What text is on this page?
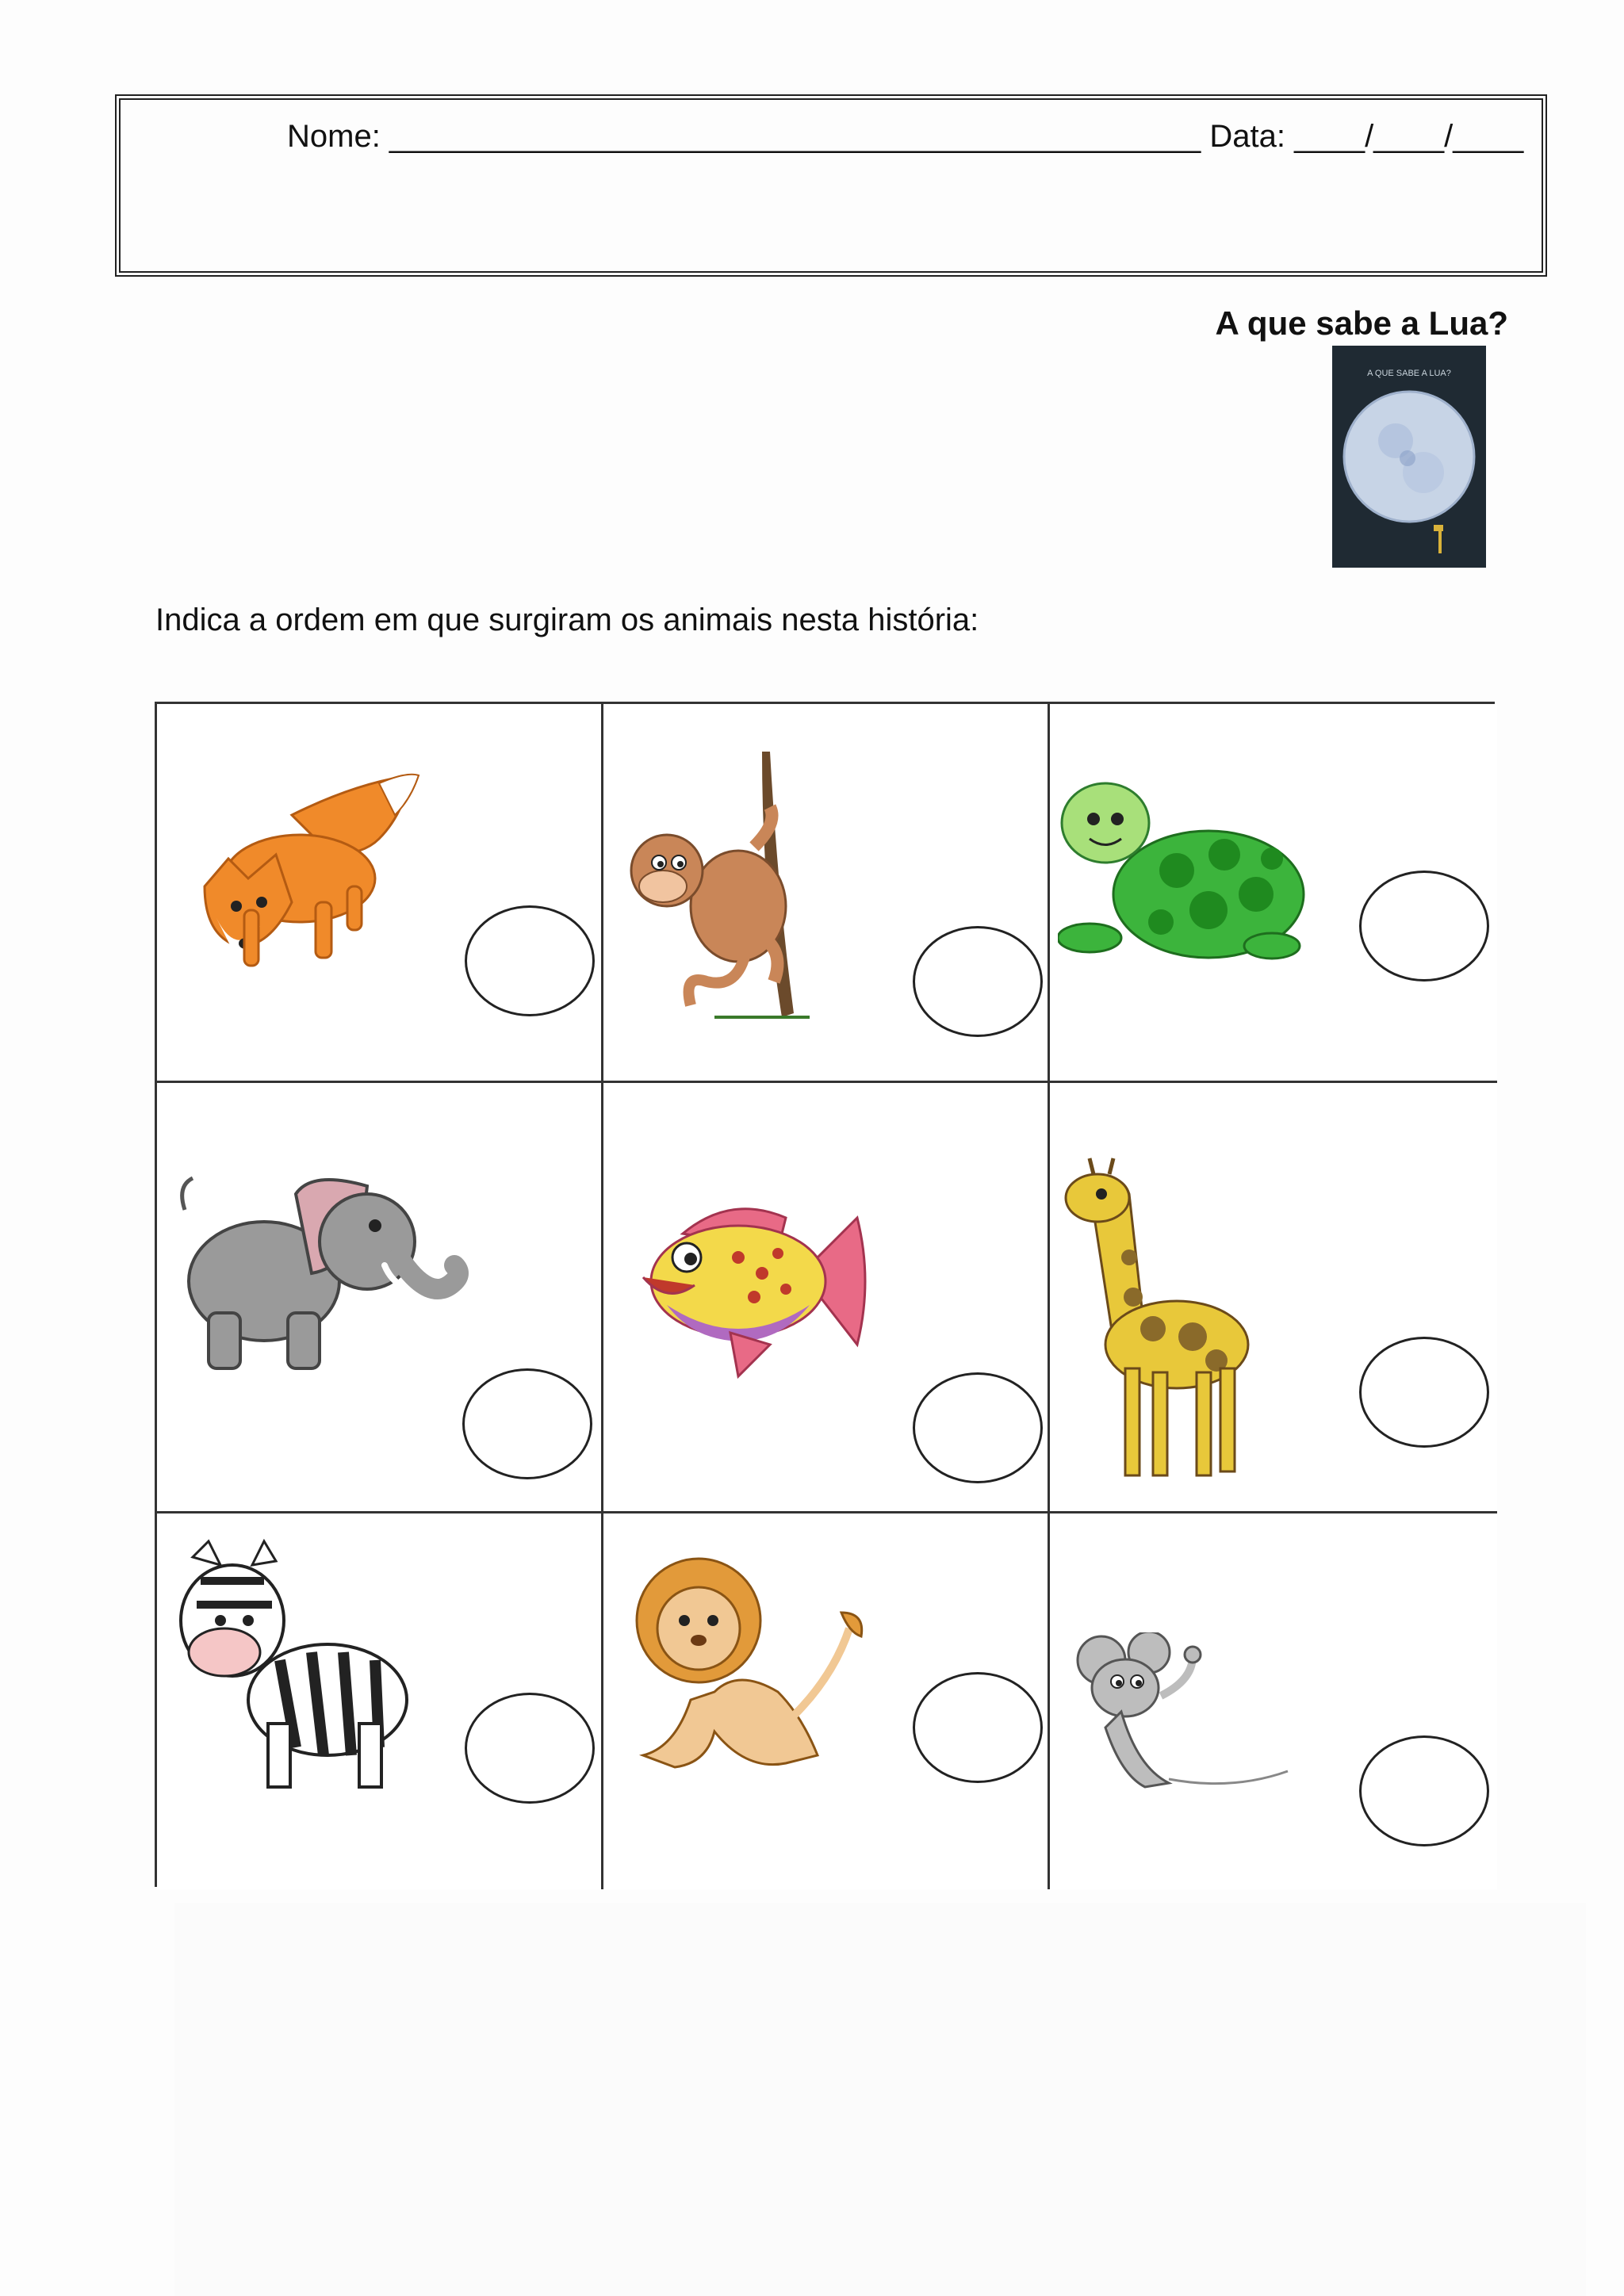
Nome: ______________________________________________ Data: ____/____/____
A que sabe a Lua?
A QUE SABE A LUA?
Indica a ordem em que surgiram os animais nesta história:
